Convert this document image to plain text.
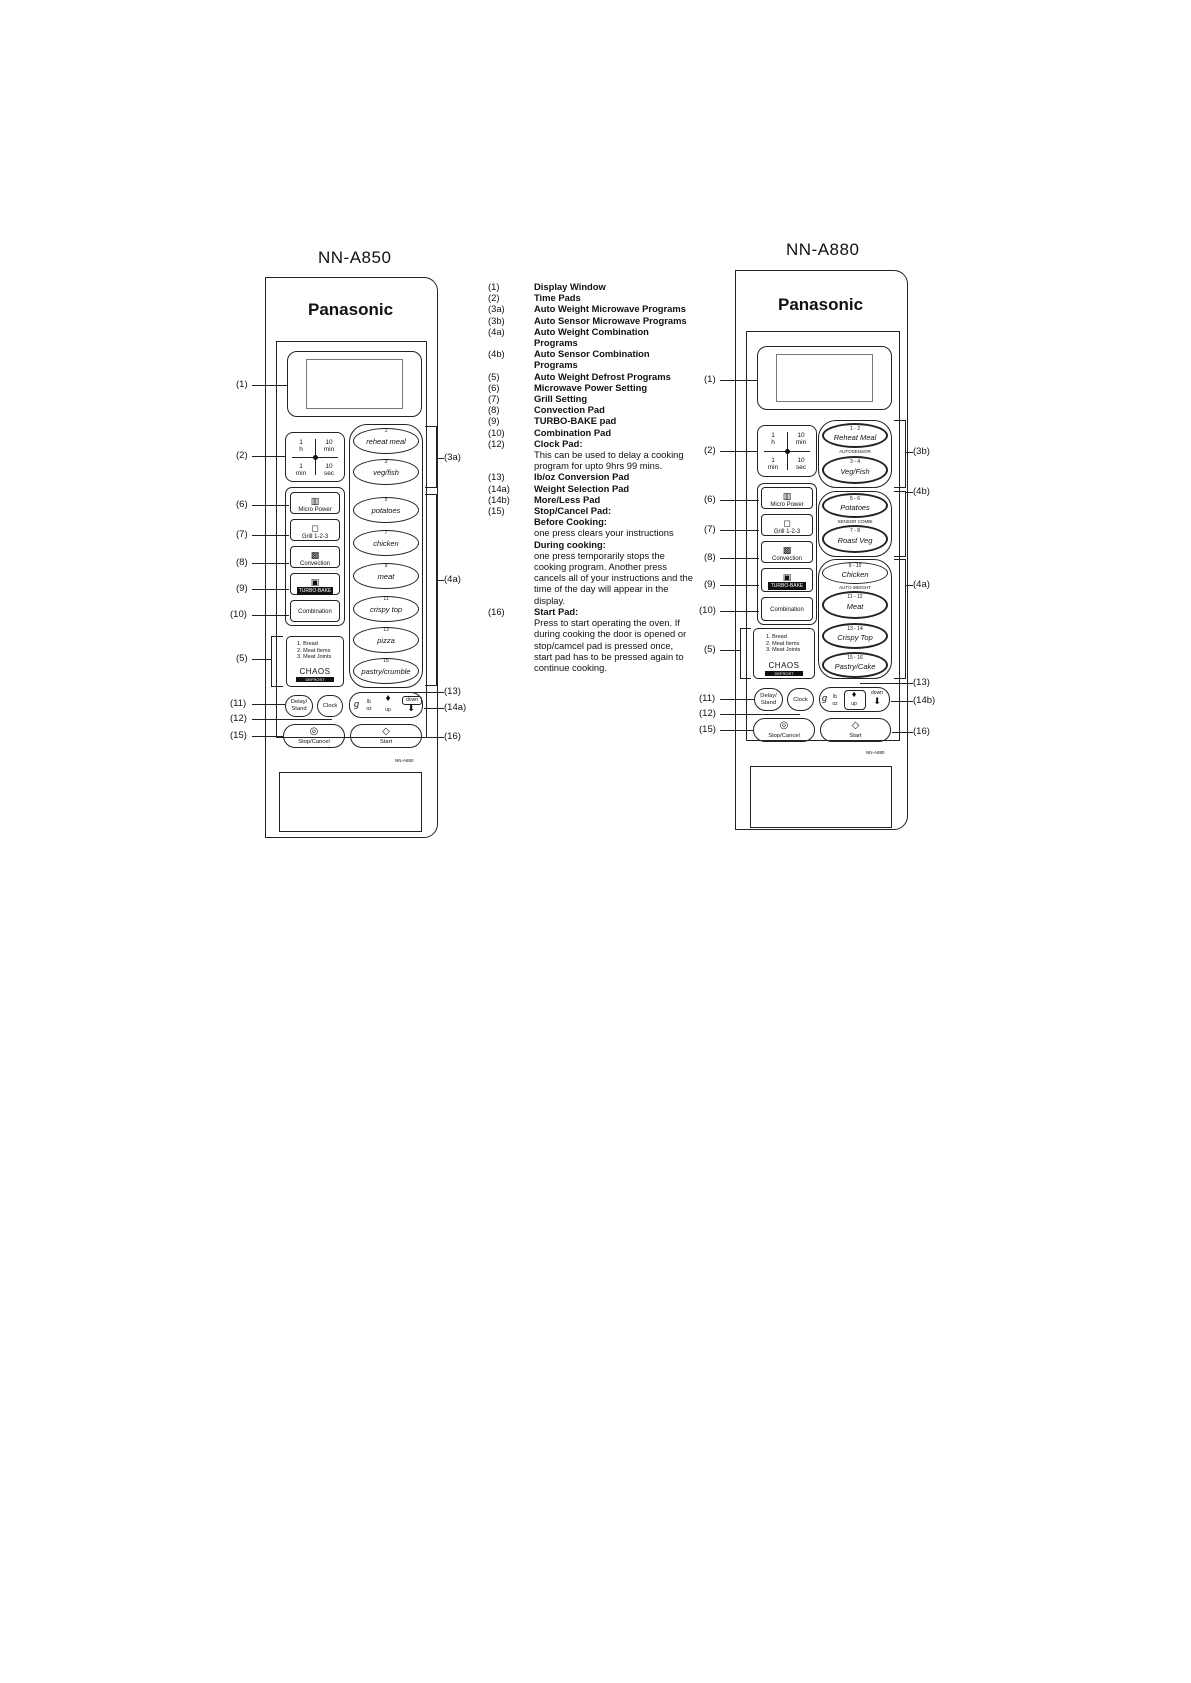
NN-A850
Panasonic
1
h
10
min
1
min
10
sec
▥
Micro Power
◻
Grill 1-2-3
▩
Convection
▣
TURBO-BAKE
Combination
1. Bread
2. Meat Items
3. Meat Joints
CHAOS
DEFROST
1
reheat meal
3
veg/fish
5
potatoes
7
chicken
9
meat
11
crispy top
13
pizza
15
pastry/crumble
Delay/ Stand	Clock	g	lb oz
♦
up
down
⬇
◎
Stop/Cancel
◇
Start
NN-A850
(1)
(2)
(6)
(7)
(8)
(9)
(10)
(5)
(11)
(12)
(15)
(3a)
(4a)
(13)
(14a)
(16)
(1)	Display Window
(2)	Time Pads
(3a)	Auto Weight Microwave Programs
(3b)	Auto Sensor Microwave Programs
(4a)	Auto Weight Combination Programs
(4b)	Auto Sensor Combination Programs
(5)	Auto Weight Defrost Programs
(6)	Microwave Power Setting
(7)	Grill Setting
(8)	Convection Pad
(9)	TURBO-BAKE pad
(10)	Combination Pad
(12)	Clock Pad:
This can be used to delay a cooking program for upto 9hrs 99 mins.
(13)	lb/oz Conversion Pad
(14a)	Weight Selection Pad
(14b)	More/Less Pad
(15)	Stop/Cancel Pad:
Before Cooking:
one press clears your instructions
During cooking:
one press temporarily stops the cooking program. Another press cancels all of your instructions and the time of the day will appear in the display.
(16)	Start Pad:
Press to start operating the oven. If during cooking the door is opened or stop/camcel pad is pressed once, start pad has to be pressed again to continue cooking.
NN-A880
Panasonic
1
h
10
min
1
min
10
sec
▥
Micro Power
◻
Grill 1-2-3
▩
Convection
▣
TURBO-BAKE
Combination
1. Bread
2. Meat Items
3. Meat Joints
CHAOS
DEFROST
1 - 2
Reheat Meal
AUTOSENSOR
3 - 4
Veg/Fish
5 - 6
Potatoes
SENSOR COMBI
7 - 8
Roast Veg
9 - 10
Chicken
AUTO WEIGHT
11 - 12
Meat
13 - 14
Crispy Top
15 - 16
Pastry/Cake
Delay/ Stand	Clock	g	lb oz
♦
up
down
⬇
◎
Stop/Cancel
◇
Start
NN-A880
(1)
(2)
(6)
(7)
(8)
(9)
(10)
(5)
(11)
(12)
(15)
(3b)
(4b)
(4a)
(13)
(14b)
(16)
